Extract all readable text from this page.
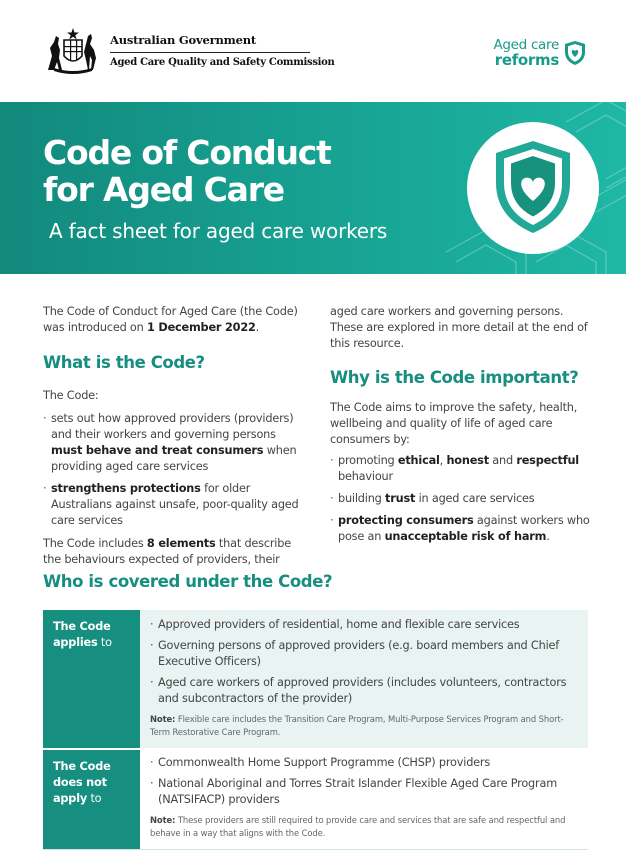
Australian Government
Aged Care Quality and Safety Commission
Aged care
reforms
Code of Conduct
for Aged Care
A fact sheet for aged care workers

The Code of Conduct for Aged Care (the Code) was introduced on 1 December 2022.

What is the Code?

The Code:

· sets out how approved providers (providers) and their workers and governing persons must behave and treat consumers when providing aged care services

· strengthens protections for older Australians against unsafe, poor-quality aged care services

The Code includes 8 elements that describe the behaviours expected of providers, their

aged care workers and governing persons. These are explored in more detail at the end of this resource.

Why is the Code important?

The Code aims to improve the safety, health, wellbeing and quality of life of aged care consumers by:

· promoting ethical, honest and respectful behaviour

· building trust in aged care services

· protecting consumers against workers who pose an unacceptable risk of harm.

Who is covered under the Code?
The Code
applies to
· Approved providers of residential, home and flexible care services
· Governing persons of approved providers (e.g. board members and Chief Executive Officers)
· Aged care workers of approved providers (includes volunteers, contractors and subcontractors of the provider)
Note: Flexible care includes the Transition Care Program, Multi-Purpose Services Program and Short-Term Restorative Care Program.
The Code
does not
apply to
· Commonwealth Home Support Programme (CHSP) providers
· National Aboriginal and Torres Strait Islander Flexible Aged Care Program (NATSIFACP) providers
Note: These providers are still required to provide care and services that are safe and respectful and behave in a way that aligns with the Code.
